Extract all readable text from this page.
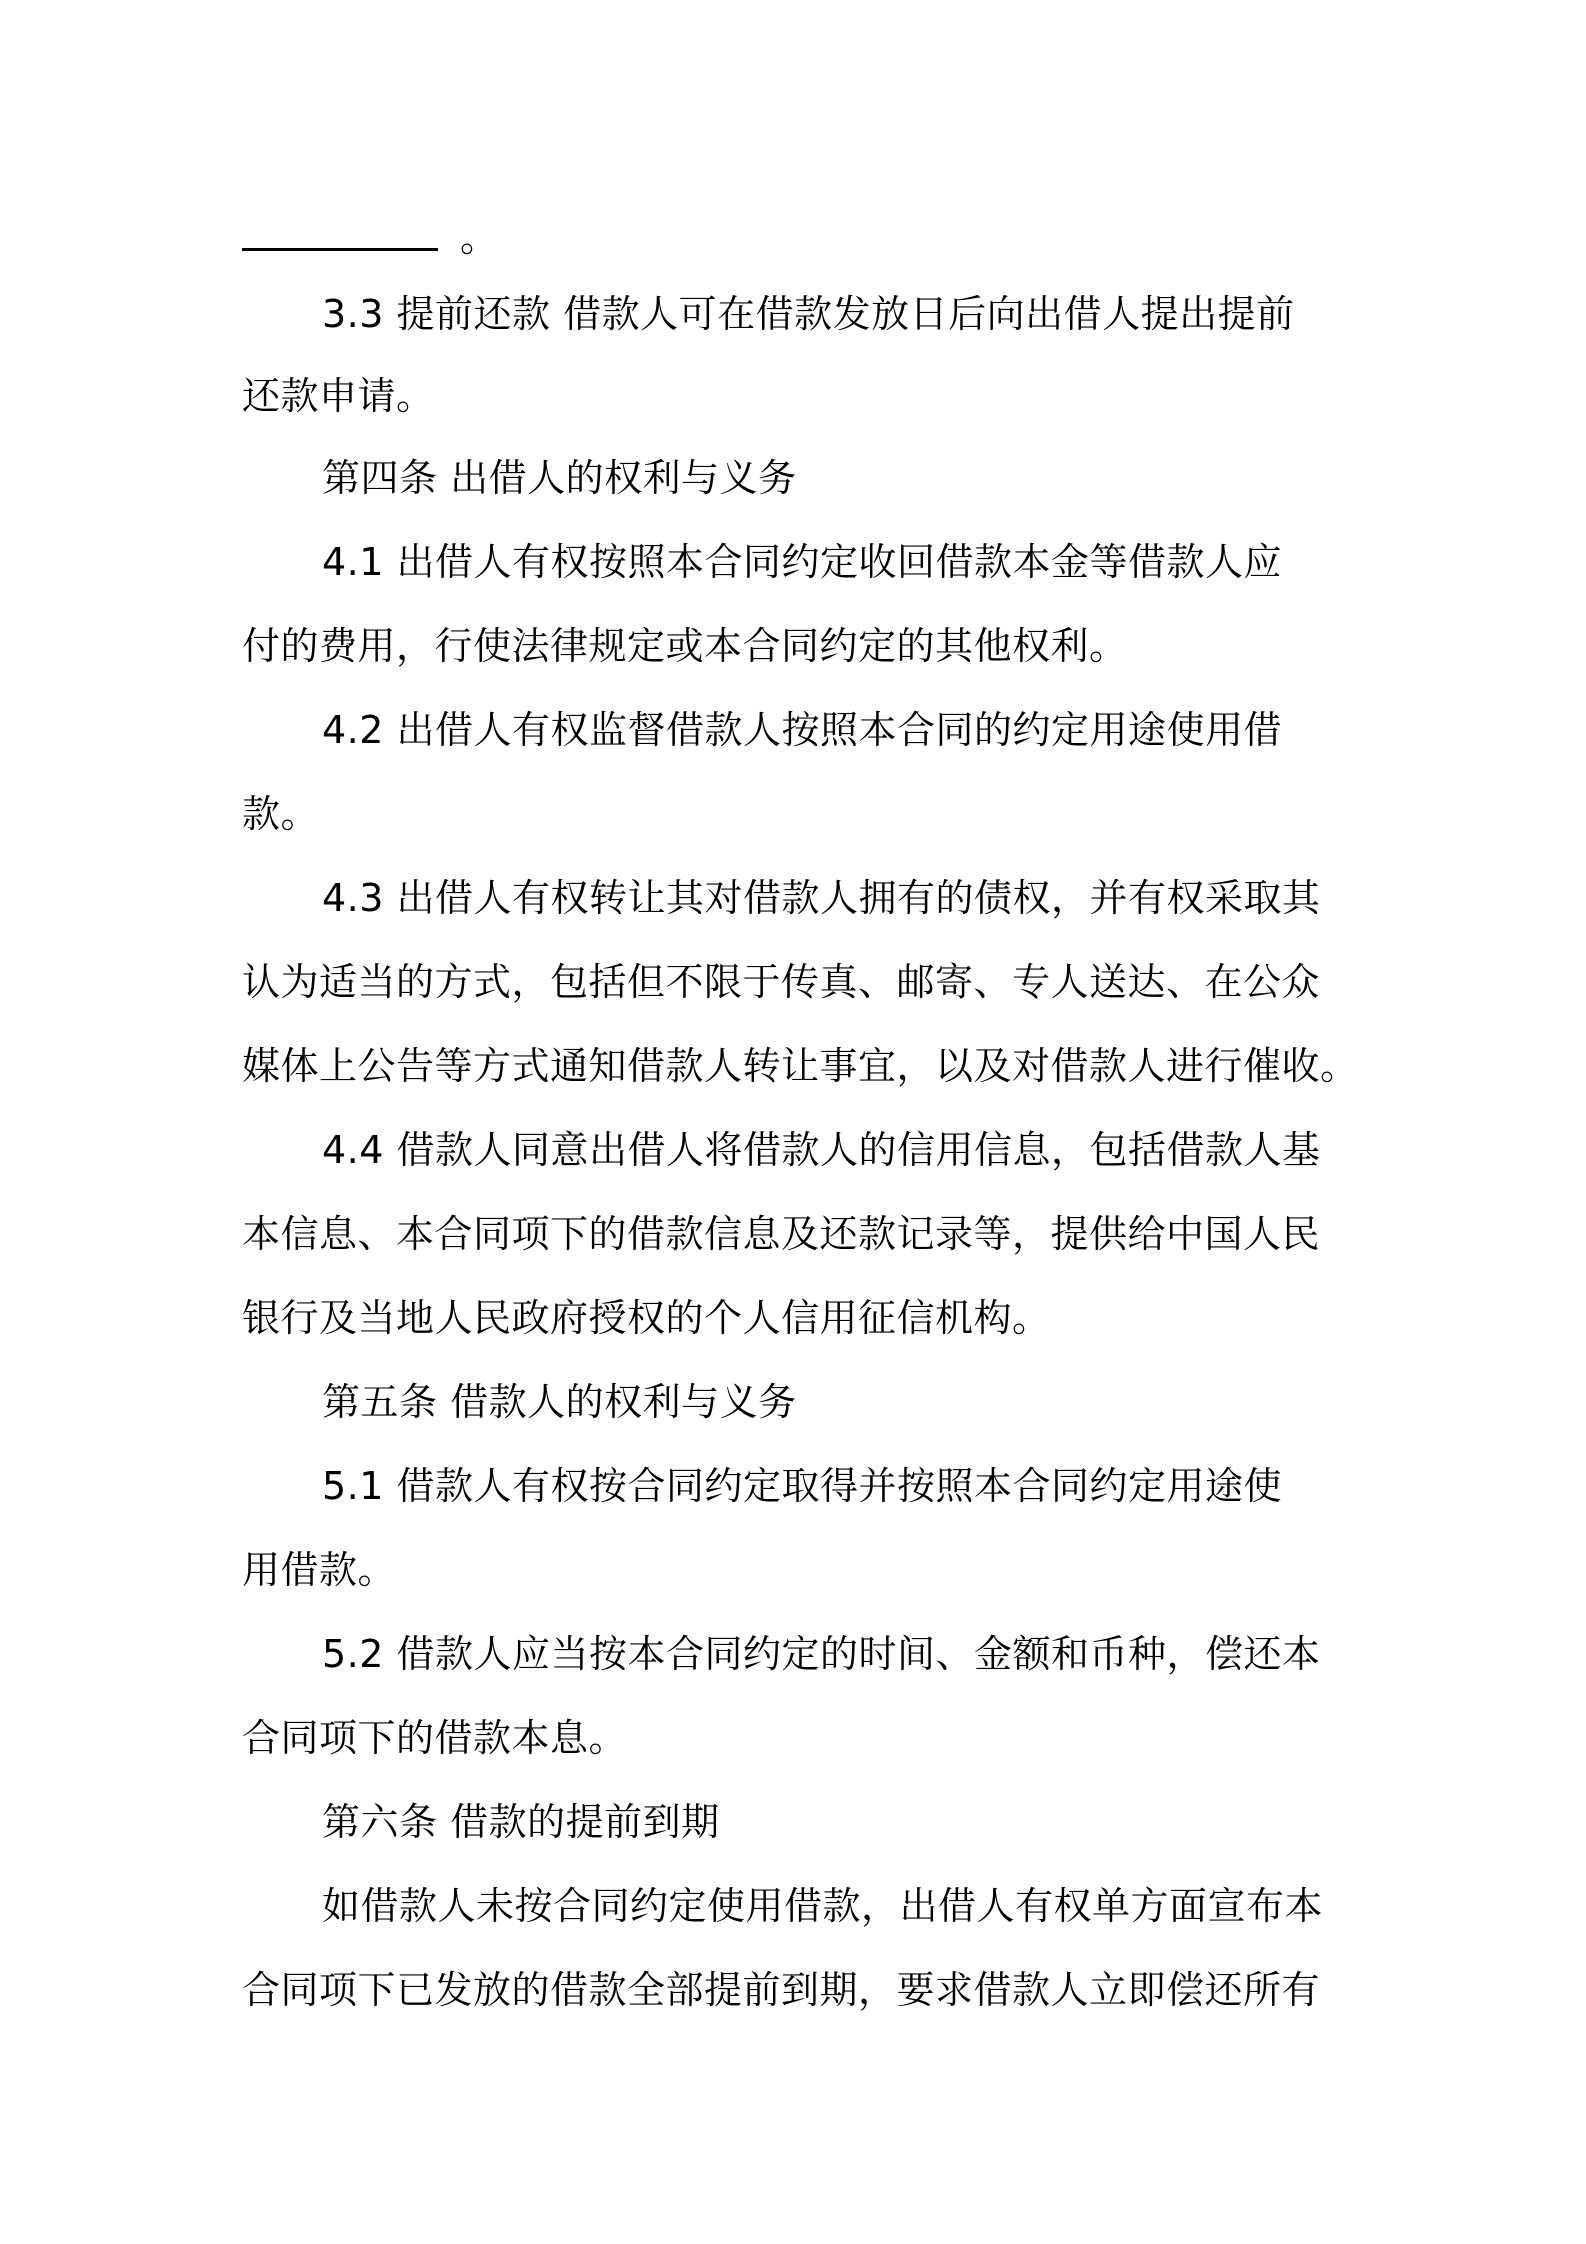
。
3.3 提前还款 借款人可在借款发放日后向出借人提出提前
还款申请。
第四条 出借人的权利与义务
4.1 出借人有权按照本合同约定收回借款本金等借款人应
付的费用，行使法律规定或本合同约定的其他权利。
4.2 出借人有权监督借款人按照本合同的约定用途使用借
款。
4.3 出借人有权转让其对借款人拥有的债权，并有权采取其
认为适当的方式，包括但不限于传真、邮寄、专人送达、在公众
媒体上公告等方式通知借款人转让事宜，以及对借款人进行催收。
4.4 借款人同意出借人将借款人的信用信息，包括借款人基
本信息、本合同项下的借款信息及还款记录等，提供给中国人民
银行及当地人民政府授权的个人信用征信机构。
第五条 借款人的权利与义务
5.1 借款人有权按合同约定取得并按照本合同约定用途使
用借款。
5.2 借款人应当按本合同约定的时间、金额和币种，偿还本
合同项下的借款本息。
第六条 借款的提前到期
如借款人未按合同约定使用借款，出借人有权单方面宣布本
合同项下已发放的借款全部提前到期，要求借款人立即偿还所有
